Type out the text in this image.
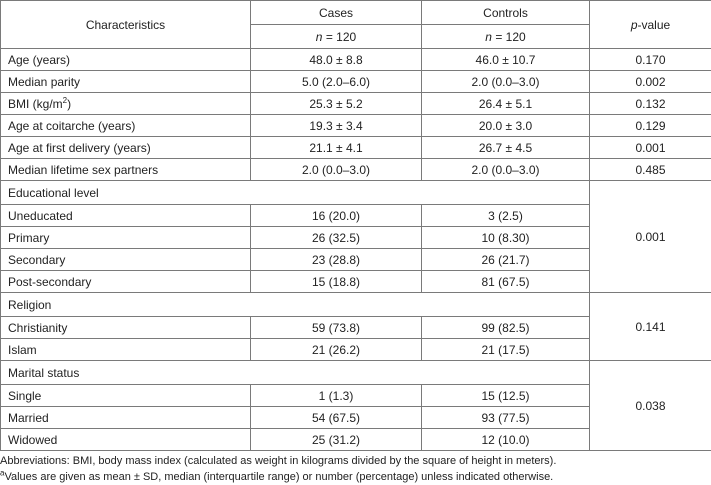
Characteristics	Cases	Controls	p-value
	n = 120	n = 120	
Age (years)	48.0 ± 8.8	46.0 ± 10.7	0.170
Median parity	5.0 (2.0–6.0)	2.0 (0.0–3.0)	0.002
BMI $(kg/m^2)$	25.3 ± 5.2	26.4 ± 5.1	0.132
Age at coitarche (years)	19.3 ± 3.4	20.0 ± 3.0	0.129
Age at first delivery (years)	21.1 ± 4.1	26.7 ± 4.5	0.001
Median lifetime sex partners	2.0 (0.0–3.0)	2.0 (0.0–3.0)	0.485
Educational level			0.001
Uneducated	16 (20.0)	3 (2.5)	
Primary	26 (32.5)	10 (8.30)	
Secondary	23 (28.8)	26 (21.7)	
Post-secondary	15 (18.8)	81 (67.5)	
Religion			0.141
Christianity	59 (73.8)	99 (82.5)	
Islam	21 (26.2)	21 (17.5)	
Marital status			0.038
Single	1 (1.3)	15 (12.5)	
Married	54 (67.5)	93 (77.5)	
Widowed	25 (31.2)	12 (10.0)	
Abbreviations: BMI, body mass index (calculated as weight in kilograms divided by the square of height in meters).
$^a$Values are given as mean ± SD, median (interquartile range) or number (percentage) unless indicated otherwise.
